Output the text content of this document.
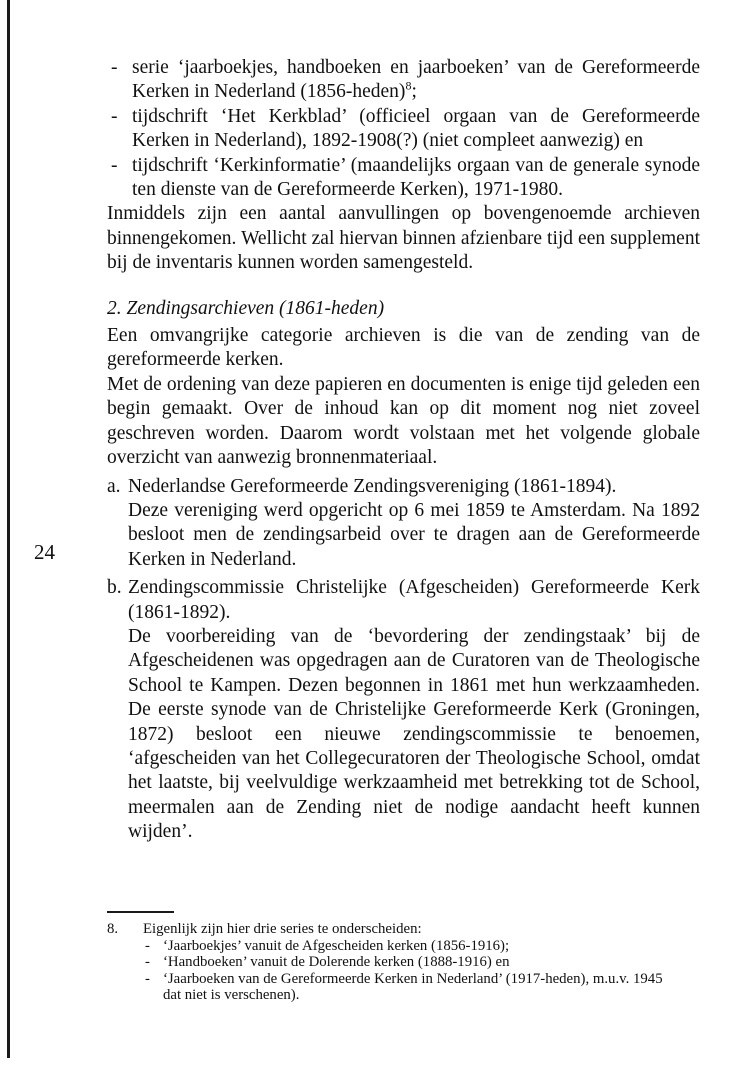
24
- serie ‘jaarboekjes, handboeken en jaarboeken’ van de Gereformeerde Kerken in Nederland (1856-heden)$^8$;
- tijdschrift ‘Het Kerkblad’ (officieel orgaan van de Gereformeerde Kerken in Nederland), 1892-1908(?) (niet compleet aanwezig) en
- tijdschrift ‘Kerkinformatie’ (maandelijks orgaan van de generale synode ten dienste van de Gereformeerde Kerken), 1971-1980.

Inmiddels zijn een aantal aanvullingen op bovengenoemde archieven binnengekomen. Wellicht zal hiervan binnen afzienbare tijd een supplement bij de inventaris kunnen worden samengesteld.

2. Zendingsarchieven (1861-heden)

Een omvangrijke categorie archieven is die van de zending van de gereformeerde kerken.

Met de ordening van deze papieren en documenten is enige tijd geleden een begin gemaakt. Over de inhoud kan op dit moment nog niet zoveel geschreven worden. Daarom wordt volstaan met het volgende globale overzicht van aanwezig bronnenmateriaal.

a. Nederlandse Gereformeerde Zendingsvereniging (1861-1894).

Deze vereniging werd opgericht op 6 mei 1859 te Amsterdam. Na 1892 besloot men de zendingsarbeid over te dragen aan de Gereformeerde Kerken in Nederland.

b. Zendingscommissie Christelijke (Afgescheiden) Gereformeerde Kerk (1861-1892).

De voorbereiding van de ‘bevordering der zendingstaak’ bij de Afgescheidenen was opgedragen aan de Curatoren van de Theologische School te Kampen. Dezen begonnen in 1861 met hun werkzaamheden. De eerste synode van de Christelijke Gereformeerde Kerk (Groningen, 1872) besloot een nieuwe zendingscommissie te benoemen, ‘afgescheiden van het Collegecuratoren der Theologische School, omdat het laatste, bij veelvuldige werkzaamheid met betrekking tot de School, meermalen aan de Zending niet de nodige aandacht heeft kunnen wijden’.

8. Eigenlijk zijn hier drie series te onderscheiden:
- ‘Jaarboekjes’ vanuit de Afgescheiden kerken (1856-1916);
- ‘Handboeken’ vanuit de Dolerende kerken (1888-1916) en
- ‘Jaarboeken van de Gereformeerde Kerken in Nederland’ (1917-heden), m.u.v. 1945 dat niet is verschenen).
